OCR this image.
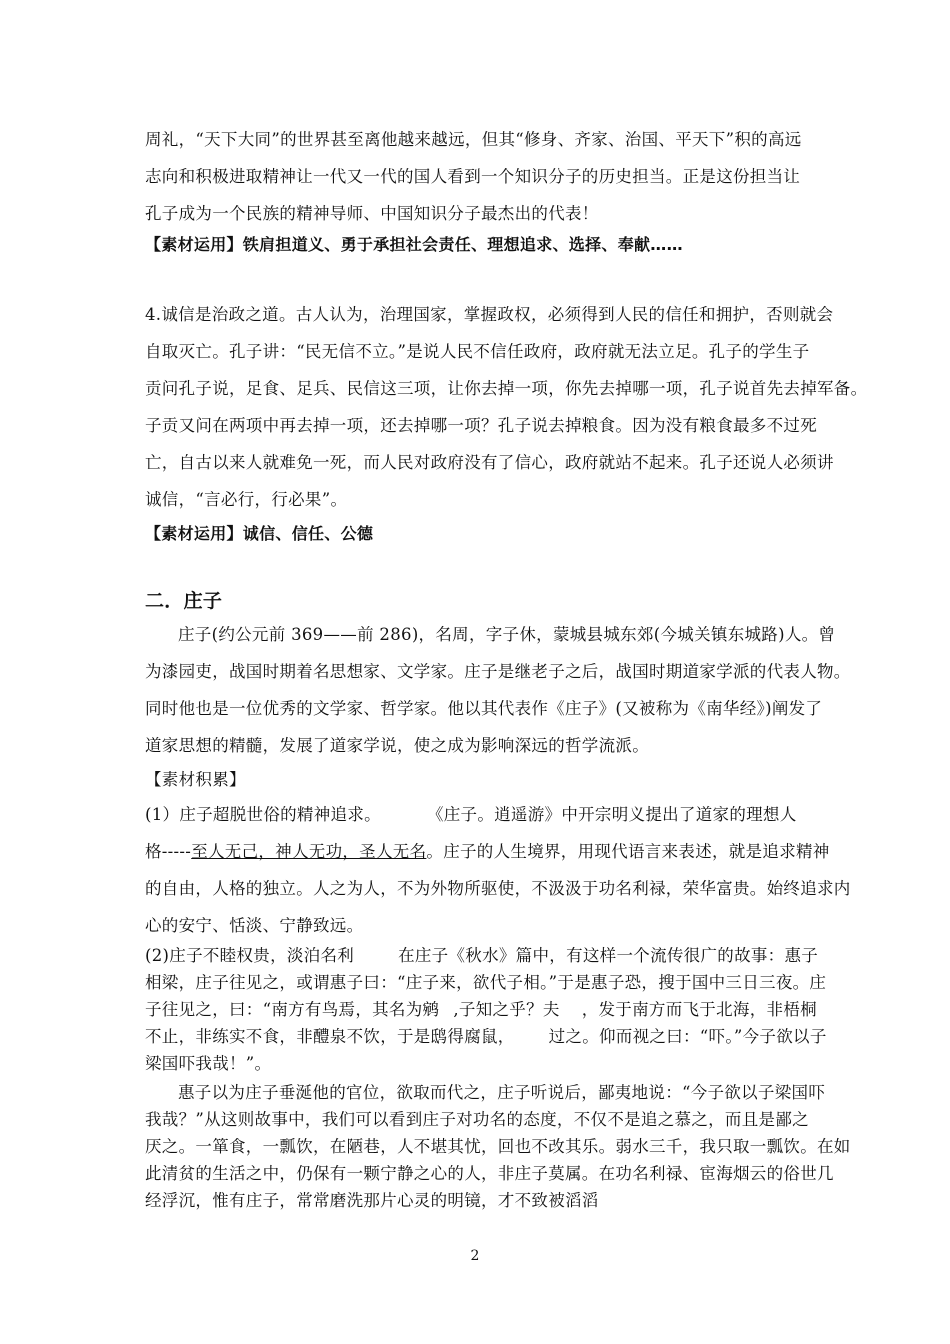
周礼，“天下大同”的世界甚至离他越来越远，但其“修身、齐家、治国、平天下”积的高远
志向和积极进取精神让一代又一代的国人看到一个知识分子的历史担当。正是这份担当让
孔子成为一个民族的精神导师、中国知识分子最杰出的代表！
【素材运用】铁肩担道义、勇于承担社会责任、理想追求、选择、奉献……
4.诚信是治政之道。古人认为，治理国家，掌握政权，必须得到人民的信任和拥护，否则就会
自取灭亡。孔子讲：“民无信不立。”是说人民不信任政府，政府就无法立足。孔子的学生子
贡问孔子说，足食、足兵、民信这三项，让你去掉一项，你先去掉哪一项，孔子说首先去掉军备。
子贡又问在两项中再去掉一项，还去掉哪一项？孔子说去掉粮食。因为没有粮食最多不过死
亡，自古以来人就难免一死，而人民对政府没有了信心，政府就站不起来。孔子还说人必须讲
诚信，“言必行，行必果”。
【素材运用】诚信、信任、公德
二．庄子
庄子(约公元前 369——前 286)，名周，字子休，蒙城县城东郊(今城关镇东城路)人。曾
为漆园吏，战国时期着名思想家、文学家。庄子是继老子之后，战国时期道家学派的代表人物。
同时他也是一位优秀的文学家、哲学家。他以其代表作《庄子》(又被称为《南华经》)阐发了
道家思想的精髓，发展了道家学说，使之成为影响深远的哲学流派。
【素材积累】
(1）庄子超脱世俗的精神追求。	《庄子。逍遥游》中开宗明义提出了道家的理想人
格-----至人无己，神人无功，圣人无名。庄子的人生境界，用现代语言来表述，就是追求精神
的自由，人格的独立。人之为人，不为外物所驱使，不汲汲于功名利禄，荣华富贵。始终追求内
心的安宁、恬淡、宁静致远。
(2)庄子不睦权贵，淡泊名利	在庄子《秋水》篇中，有这样一个流传很广的故事：惠子
相梁，庄子往见之，或谓惠子曰：“庄子来，欲代子相。”于是惠子恐，搜于国中三日三夜。庄
子往见之，曰：“南方有鸟焉，其名为鹓 ,子知之乎？夫 ，发于南方而飞于北海，非梧桐
不止，非练实不食，非醴泉不饮，于是鸱得腐鼠， 过之。仰而视之曰：“吓。”今子欲以子
梁国吓我哉！”。
惠子以为庄子垂涎他的官位，欲取而代之，庄子听说后，鄙夷地说：“今子欲以子梁国吓
我哉？”从这则故事中，我们可以看到庄子对功名的态度，不仅不是追之慕之，而且是鄙之
厌之。一箪食，一瓢饮，在陋巷，人不堪其忧，回也不改其乐。弱水三千，我只取一瓢饮。在如
此清贫的生活之中，仍保有一颗宁静之心的人，非庄子莫属。在功名利禄、宦海烟云的俗世几
经浮沉，惟有庄子，常常磨洗那片心灵的明镜，才不致被滔滔
2
